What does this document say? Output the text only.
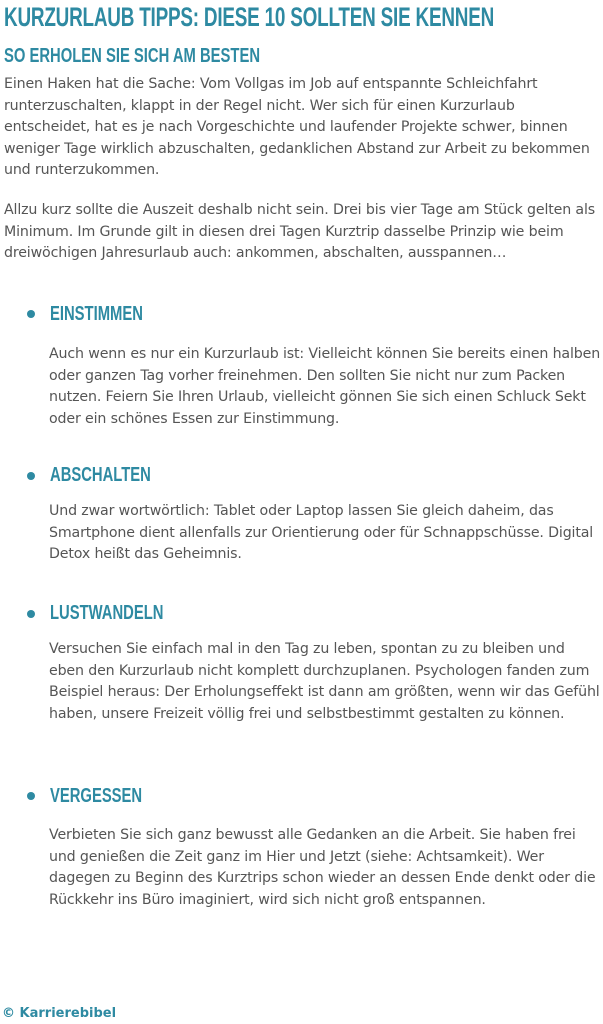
KURZURLAUB TIPPS: DIESE 10 SOLLTEN SIE KENNEN
SO ERHOLEN SIE SICH AM BESTEN

Einen Haken hat die Sache: Vom Vollgas im Job auf entspannte Schleichfahrt runterzuschalten, klappt in der Regel nicht. Wer sich für einen Kurzurlaub entscheidet, hat es je nach Vorgeschichte und laufender Projekte schwer, binnen weniger Tage wirklich abzuschalten, gedanklichen Abstand zur Arbeit zu bekommen und runterzukommen.

Allzu kurz sollte die Auszeit deshalb nicht sein. Drei bis vier Tage am Stück gelten als Minimum. Im Grunde gilt in diesen drei Tagen Kurztrip dasselbe Prinzip wie beim dreiwöchigen Jahresurlaub auch: ankommen, abschalten, ausspannen…

EINSTIMMEN

Auch wenn es nur ein Kurzurlaub ist: Vielleicht können Sie bereits einen halben oder ganzen Tag vorher freinehmen. Den sollten Sie nicht nur zum Packen nutzen. Feiern Sie Ihren Urlaub, vielleicht gönnen Sie sich einen Schluck Sekt oder ein schönes Essen zur Einstimmung.

ABSCHALTEN

Und zwar wortwörtlich: Tablet oder Laptop lassen Sie gleich daheim, das Smartphone dient allenfalls zur Orientierung oder für Schnappschüsse. Digital Detox heißt das Geheimnis.

LUSTWANDELN

Versuchen Sie einfach mal in den Tag zu leben, spontan zu zu bleiben und eben den Kurzurlaub nicht komplett durchzuplanen. Psychologen fanden zum Beispiel heraus: Der Erholungseffekt ist dann am größten, wenn wir das Gefühl haben, unsere Freizeit völlig frei und selbstbestimmt gestalten zu können.

VERGESSEN

Verbieten Sie sich ganz bewusst alle Gedanken an die Arbeit. Sie haben frei und genießen die Zeit ganz im Hier und Jetzt (siehe: Achtsamkeit). Wer dagegen zu Beginn des Kurztrips schon wieder an dessen Ende denkt oder die Rückkehr ins Büro imaginiert, wird sich nicht groß entspannen.

© Karrierebibel
